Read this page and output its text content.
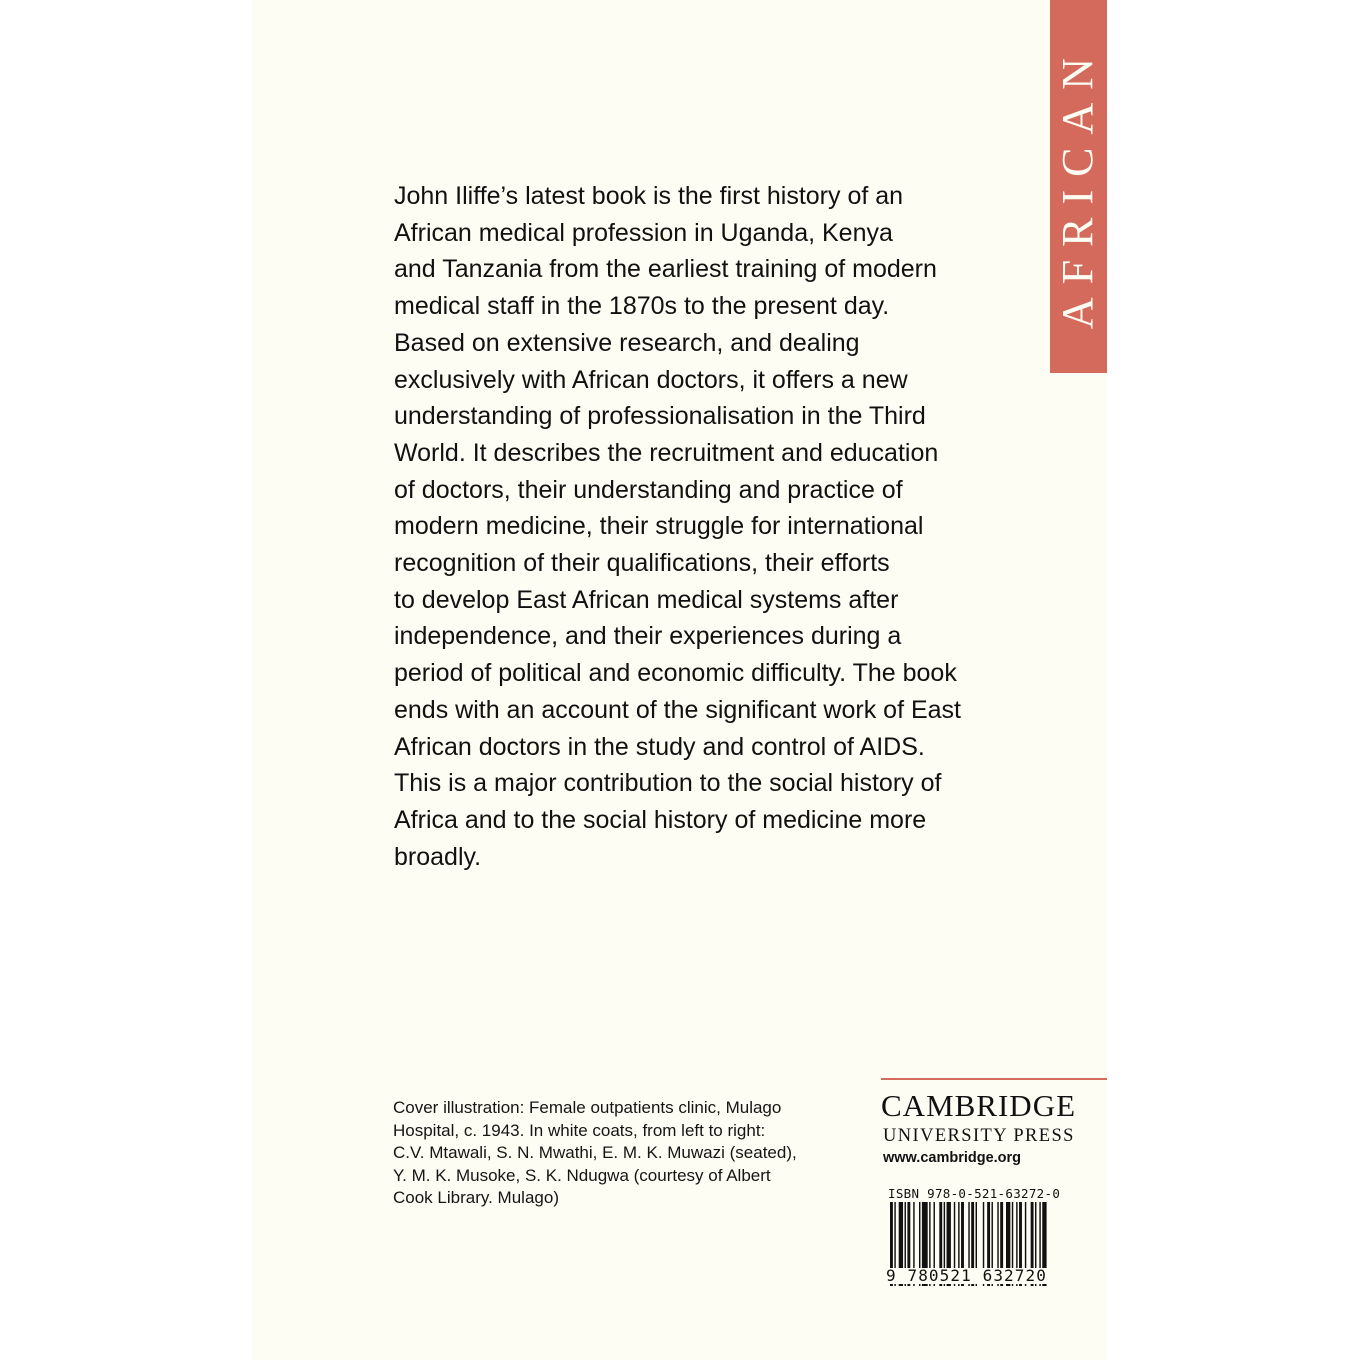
AFRICAN

John Iliffe’s latest book is the first history of an
African medical profession in Uganda, Kenya
and Tanzania from the earliest training of modern
medical staff in the 1870s to the present day.
Based on extensive research, and dealing
exclusively with African doctors, it offers a new
understanding of professionalisation in the Third
World. It describes the recruitment and education
of doctors, their understanding and practice of
modern medicine, their struggle for international
recognition of their qualifications, their efforts
to develop East African medical systems after
independence, and their experiences during a
period of political and economic difficulty. The book
ends with an account of the significant work of East
African doctors in the study and control of AIDS.
This is a major contribution to the social history of
Africa and to the social history of medicine more
broadly.

Cover illustration: Female outpatients clinic, Mulago
Hospital, c. 1943. In white coats, from left to right:
C.V. Mtawali, S. N. Mwathi, E. M. K. Muwazi (seated),
Y. M. K. Musoke, S. K. Ndugwa (courtesy of Albert
Cook Library. Mulago)

CAMBRIDGE

UNIVERSITY PRESS

www.cambridge.org

ISBN 978-0-521-63272-0

9 780521 632720
